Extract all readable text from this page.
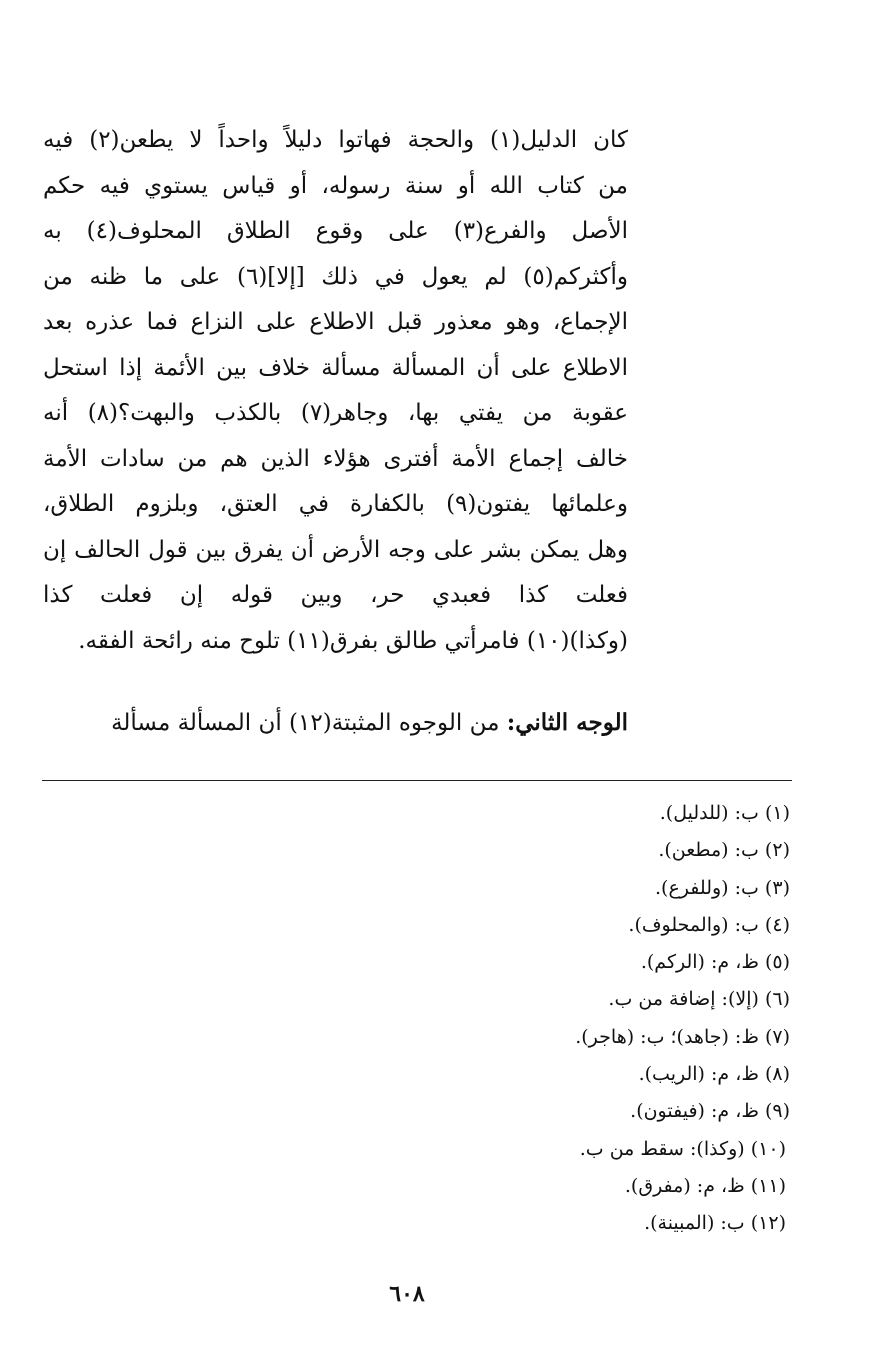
كان الدليل(١) والحجة فهاتوا دليلاً واحداً لا يطعن(٢) فيه
من كتاب الله أو سنة رسوله، أو قياس يستوي فيه حكم
الأصل والفرع(٣) على وقوع الطلاق المحلوف(٤) به
وأكثركم(٥) لم يعول في ذلك [إلا](٦) على ما ظنه من
الإجماع، وهو معذور قبل الاطلاع على النزاع فما عذره بعد
الاطلاع على أن المسألة مسألة خلاف بين الأئمة إذا استحل
عقوبة من يفتي بها، وجاهر(٧) بالكذب والبهت؟(٨) أنه
خالف إجماع الأمة أفترى هؤلاء الذين هم من سادات الأمة
وعلمائها يفتون(٩) بالكفارة في العتق، وبلزوم الطلاق،
وهل يمكن بشر على وجه الأرض أن يفرق بين قول الحالف إن
فعلت كذا فعبدي حر، وبين قوله إن فعلت كذا
(وكذا)(١٠) فامرأتي طالق بفرق(١١) تلوح منه رائحة الفقه.
الوجه الثاني: من الوجوه المثبتة(١٢) أن المسألة مسألة
(١) ب: (للدليل).
(٢) ب: (مطعن).
(٣) ب: (وللفرع).
(٤) ب: (والمحلوف).
(٥) ظ، م: (الركم).
(٦) (إلا): إضافة من ب.
(٧) ظ: (جاهد)؛ ب: (هاجر).
(٨) ظ، م: (الريب).
(٩) ظ، م: (فيفتون).
(١٠) (وكذا): سقط من ب.
(١١) ظ، م: (مفرق).
(١٢) ب: (المبينة).
٦٠٨
